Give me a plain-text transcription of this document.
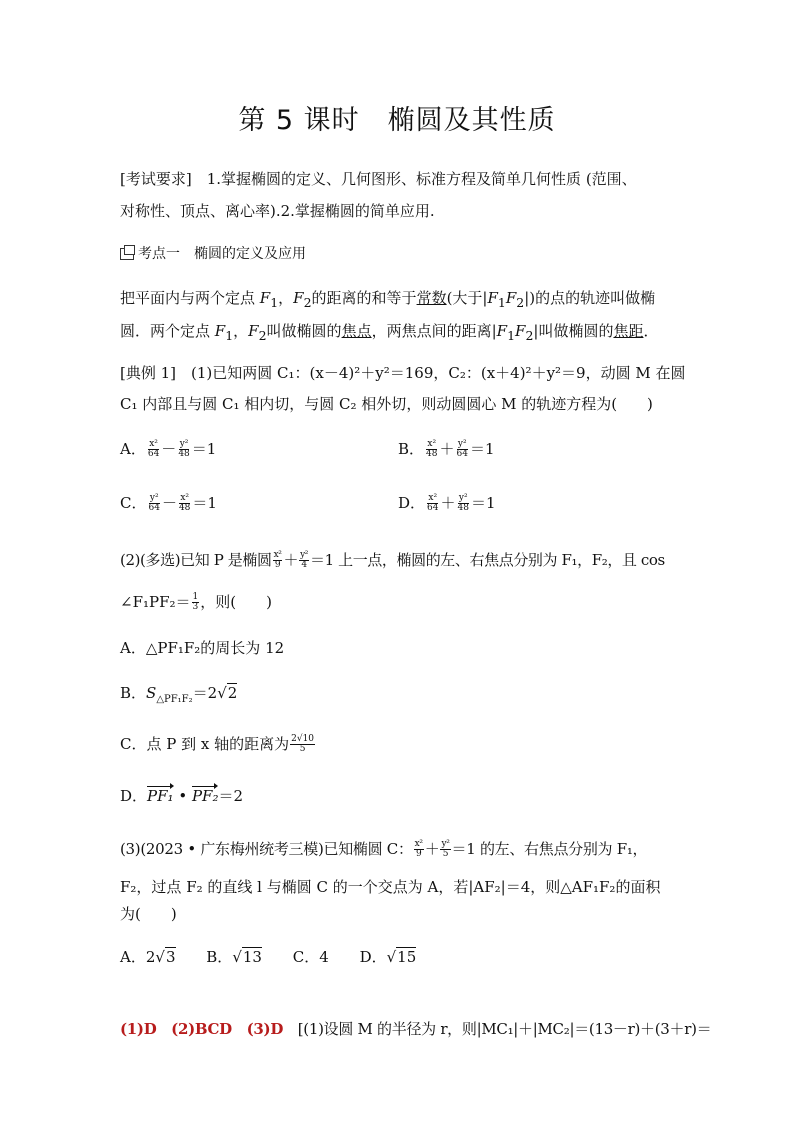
第 5 课时 椭圆及其性质
[考试要求]　 1.掌握椭圆的定义、几何图形、标准方程及简单几何性质 (范围、
对称性、顶点、离心率).2.掌握椭圆的简单应用.
考点一　 椭圆的定义及应用
把平面内与两个定点 $F_1$，$F_2$的距离的和等于常数(大于$|F_1F_2|$)的点的轨迹叫做椭
圆．两个定点 $F_1$，$F_2$叫做椭圆的焦点，两焦点间的距离$|F_1F_2|$叫做椭圆的焦距．
[典例 1]　(1)已知两圆 C₁：(x－4)²＋y²＝169，C₂：(x＋4)²＋y²＝9，动圆 M 在圆
C₁ 内部且与圆 C₁ 相内切，与圆 C₂ 相外切，则动圆圆心 M 的轨迹方程为(　　)
A． $\frac{\text{x²}}{64} - \frac{\text{y²}}{48} =1$	B． $\frac{\text{x²}}{48} + \frac{\text{y²}}{64} =1$
C． $\frac{\text{y²}}{64} - \frac{\text{x²}}{48} =1$	D． $\frac{\text{x²}}{64} + \frac{\text{y²}}{48} =1$
(2)(多选)已知 P 是椭圆 $\frac{\text{x²}}{9} + \frac{\text{y²}}{4} =1$ 上一点，椭圆的左、右焦点分别为 F₁，F₂，且 cos
∠F₁PF₂＝ $\frac{1}{3}$ ，则(　　)
A．△PF₁F₂的周长为 12
B．$S_{\triangle PF_1F_2}=2√2$
C．点 P 到 x 轴的距离为 $\frac{2√10}{5}$
D．PF₁ • PF₂＝2
(3)(2023 • 广东梅州统考三模)已知椭圆 C： $\frac{\text{x²}}{9} + \frac{\text{y²}}{5} =1$ 的左、右焦点分别为 F₁，
F₂，过点 F₂ 的直线 l 与椭圆 C 的一个交点为 A，若|AF₂|＝4，则△AF₁F₂的面积
为(　　)
A．2√3 B．√13 C．4 D．√15
(1)D　 (2)BCD　 (3)D　 [(1)设圆 M 的半径为 r，则|MC₁|＋|MC₂|＝(13－r)＋(3＋r)＝
